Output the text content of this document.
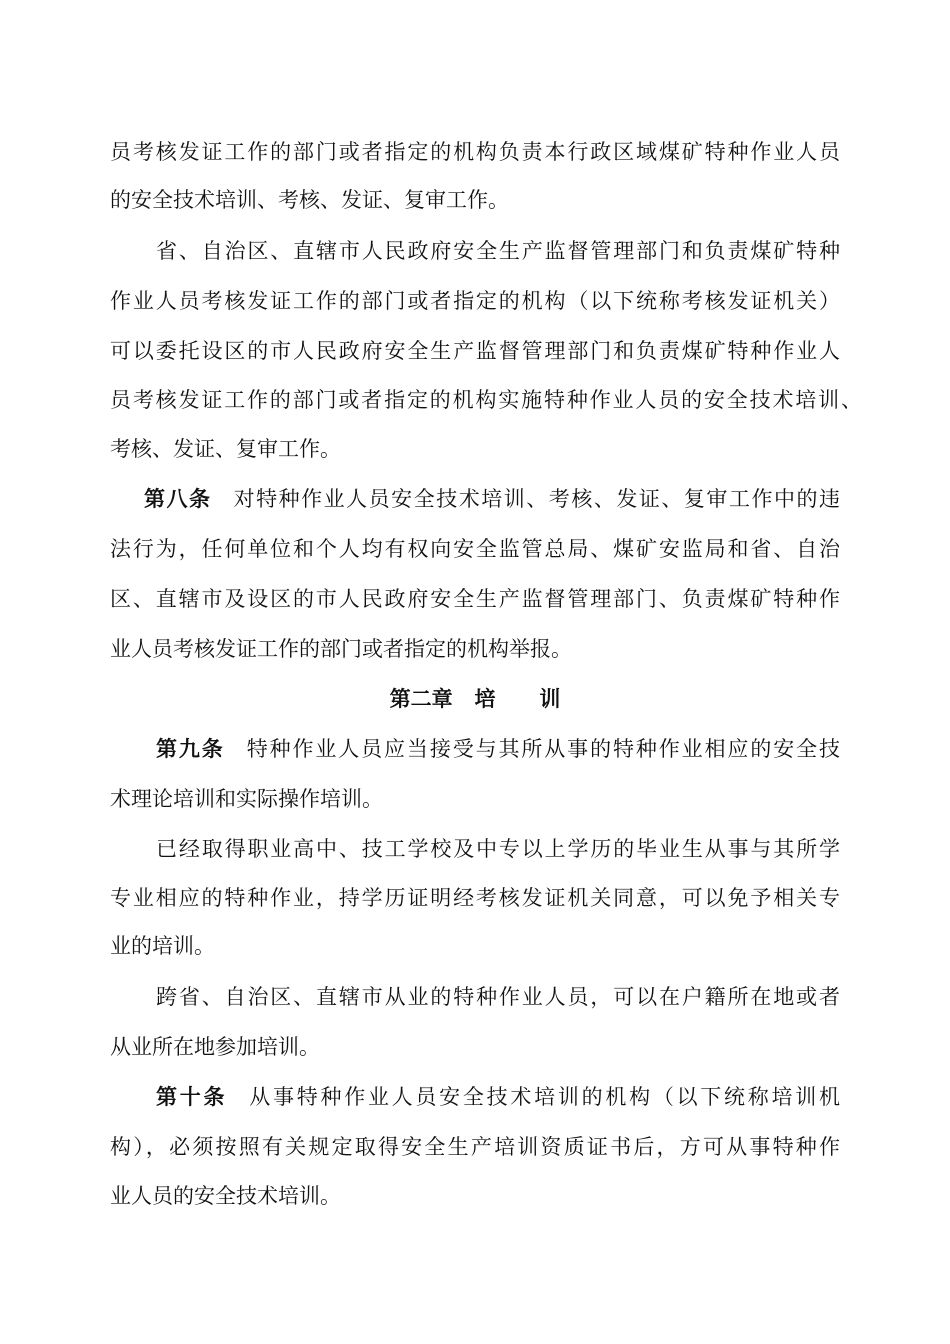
员考核发证工作的部门或者指定的机构负责本行政区域煤矿特种作业人员
的安全技术培训、考核、发证、复审工作。
省、自治区、直辖市人民政府安全生产监督管理部门和负责煤矿特种
作业人员考核发证工作的部门或者指定的机构（以下统称考核发证机关）
可以委托设区的市人民政府安全生产监督管理部门和负责煤矿特种作业人
员考核发证工作的部门或者指定的机构实施特种作业人员的安全技术培训、
考核、发证、复审工作。
第八条 对特种作业人员安全技术培训、考核、发证、复审工作中的违
法行为，任何单位和个人均有权向安全监管总局、煤矿安监局和省、自治
区、直辖市及设区的市人民政府安全生产监督管理部门、负责煤矿特种作
业人员考核发证工作的部门或者指定的机构举报。
第二章   培      训
第九条 特种作业人员应当接受与其所从事的特种作业相应的安全技
术理论培训和实际操作培训。
已经取得职业高中、技工学校及中专以上学历的毕业生从事与其所学
专业相应的特种作业，持学历证明经考核发证机关同意，可以免予相关专
业的培训。
跨省、自治区、直辖市从业的特种作业人员，可以在户籍所在地或者
从业所在地参加培训。
第十条 从事特种作业人员安全技术培训的机构（以下统称培训机
构），必须按照有关规定取得安全生产培训资质证书后，方可从事特种作
业人员的安全技术培训。
